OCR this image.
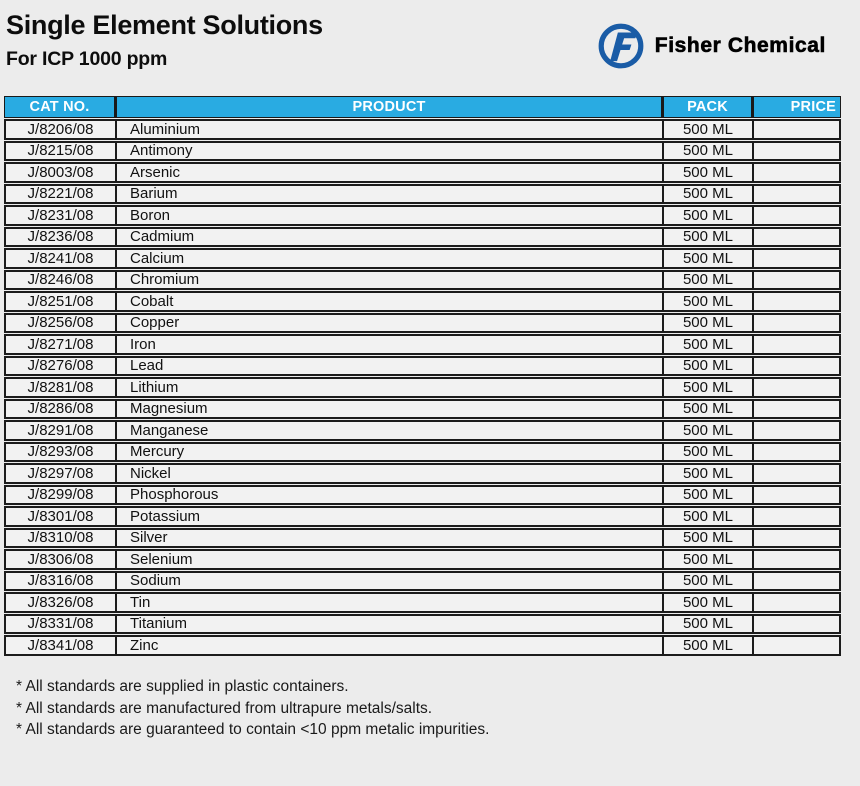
Single Element Solutions
For ICP 1000 ppm
Fisher Chemical
CAT NO.	PRODUCT	PACK	PRICE
J/8206/08	Aluminium	500 ML
J/8215/08	Antimony	500 ML
J/8003/08	Arsenic	500 ML
J/8221/08	Barium	500 ML
J/8231/08	Boron	500 ML
J/8236/08	Cadmium	500 ML
J/8241/08	Calcium	500 ML
J/8246/08	Chromium	500 ML
J/8251/08	Cobalt	500 ML
J/8256/08	Copper	500 ML
J/8271/08	Iron	500 ML
J/8276/08	Lead	500 ML
J/8281/08	Lithium	500 ML
J/8286/08	Magnesium	500 ML
J/8291/08	Manganese	500 ML
J/8293/08	Mercury	500 ML
J/8297/08	Nickel	500 ML
J/8299/08	Phosphorous	500 ML
J/8301/08	Potassium	500 ML
J/8310/08	Silver	500 ML
J/8306/08	Selenium	500 ML
J/8316/08	Sodium	500 ML
J/8326/08	Tin	500 ML
J/8331/08	Titanium	500 ML
J/8341/08	Zinc	500 ML
* All standards are supplied in plastic containers.
* All standards are manufactured from ultrapure metals/salts.
* All standards are guaranteed to contain <10 ppm metalic impurities.
